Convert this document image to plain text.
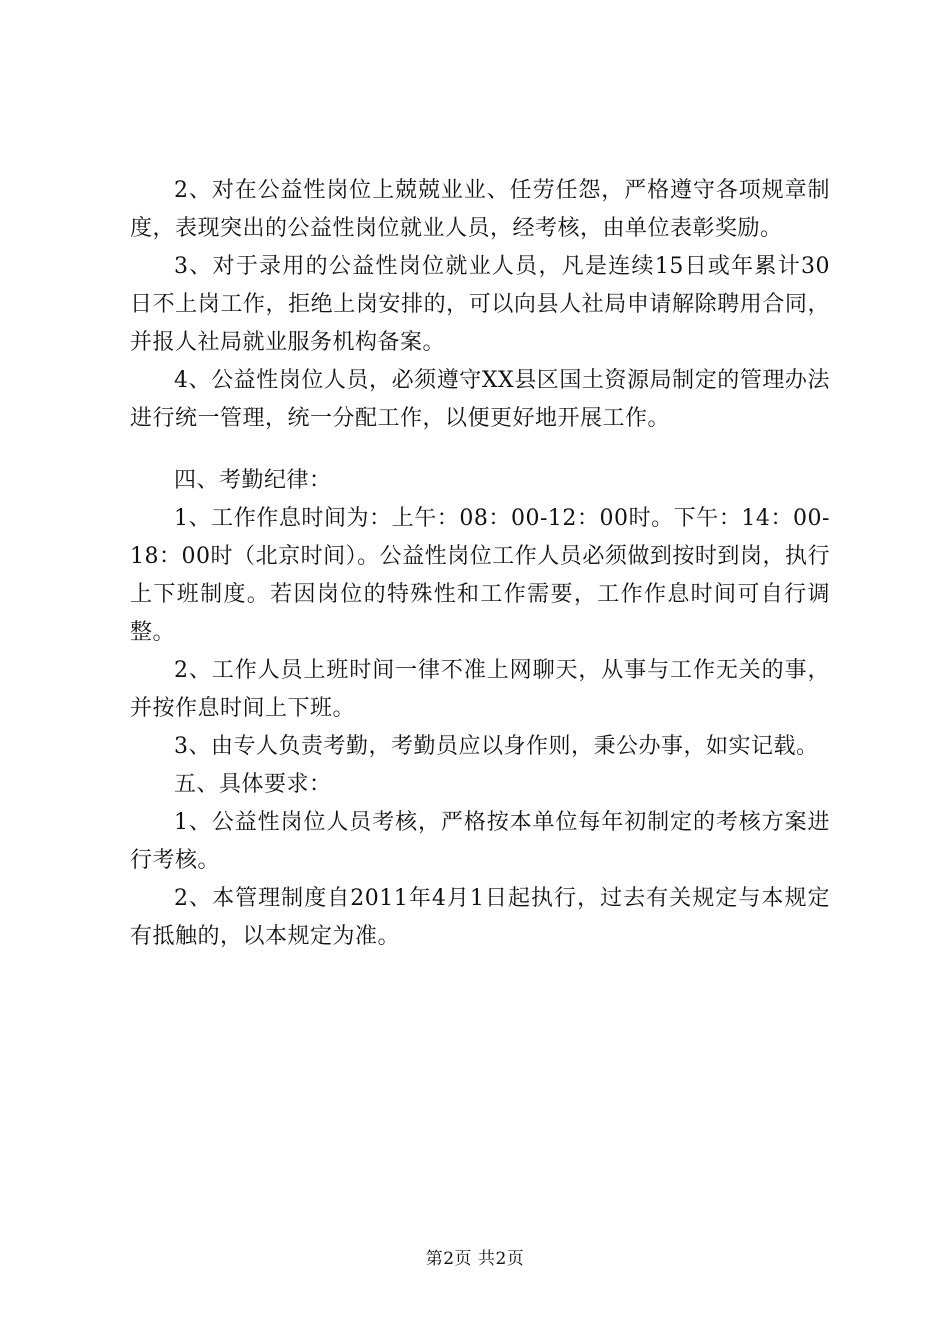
2、对在公益性岗位上兢兢业业、任劳任怨，严格遵守各项规章制度，表现突出的公益性岗位就业人员，经考核，由单位表彰奖励。

3、对于录用的公益性岗位就业人员，凡是连续15日或年累计30日不上岗工作，拒绝上岗安排的，可以向县人社局申请解除聘用合同，并报人社局就业服务机构备案。

4、公益性岗位人员，必须遵守XX县区国土资源局制定的管理办法进行统一管理，统一分配工作，以便更好地开展工作。

四、考勤纪律：

1、工作作息时间为：上午：08：00-12：00时。下午：14：00-18：00时（北京时间）。公益性岗位工作人员必须做到按时到岗，执行上下班制度。若因岗位的特殊性和工作需要，工作作息时间可自行调整。

2、工作人员上班时间一律不准上网聊天，从事与工作无关的事，并按作息时间上下班。

3、由专人负责考勤，考勤员应以身作则，秉公办事，如实记载。

五、具体要求：

1、公益性岗位人员考核，严格按本单位每年初制定的考核方案进行考核。

2、本管理制度自2011年4月1日起执行，过去有关规定与本规定有抵触的，以本规定为准。

第2页 共2页
